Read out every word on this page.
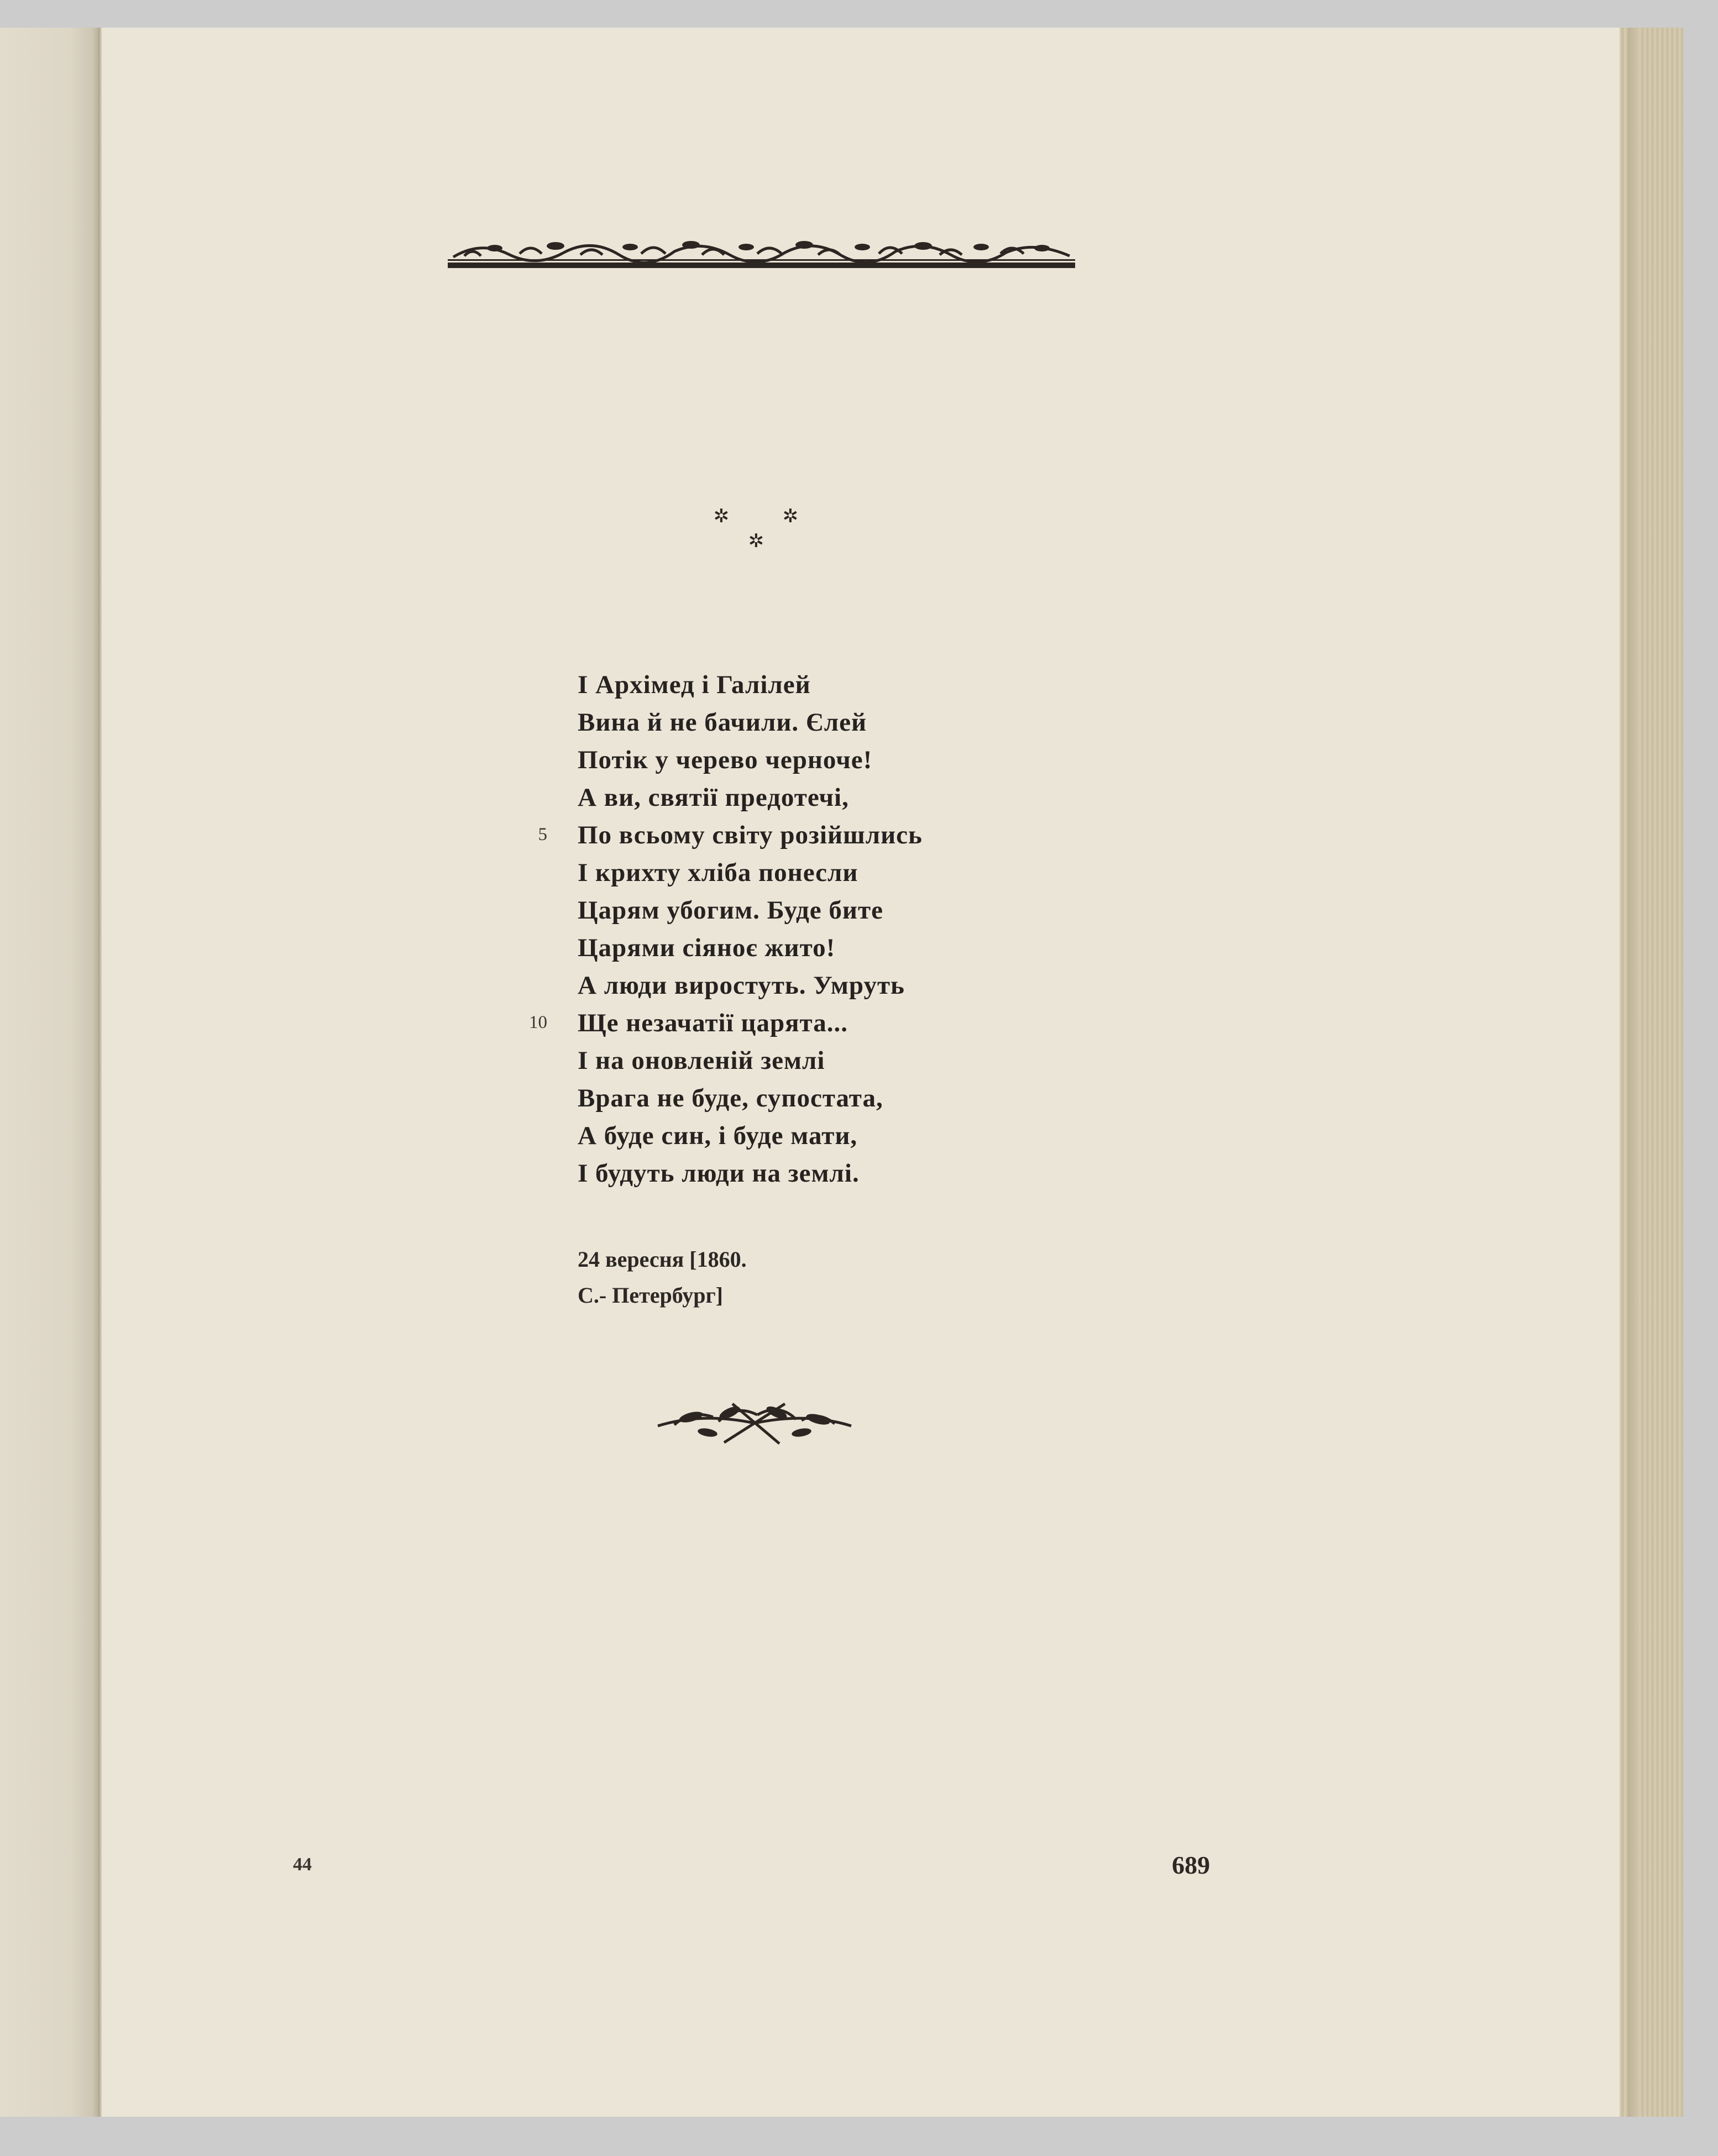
✲	✲
✲
І Архімед і Галілей
Вина й не бачили. Єлей
Потік у черево черноче!
А ви, святії предотечі,
По всьому світу розійшлись
І крихту хліба понесли
Царям убогим. Буде бите
Царями сіяноє жито!
А люди виростуть. Умруть
Ще незачатії царята...
І на оновленій землі
Врага не буде, супостата,
А буде син, і буде мати,
І будуть люди на землі.
5
10
24 вересня [1860.
С.- Петербург]
44	689
